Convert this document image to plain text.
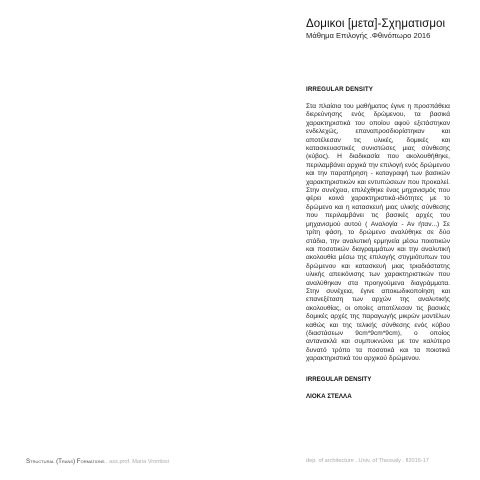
Δομικοι [μετα]-Σχηματισμοι
Μάθημα Επιλογής . Φθινόπωρο 2016
IRREGULAR DENSITY
Στα πλαίσια του μαθήματος έγινε η προσπάθεια διερεύνησης ενός δρώμενου, τα βασικά χαρακτηριστικά του οποίου αφού εξετάστηκαν ενδελεχώς, επαναπροσδιορίστηκαν και αποτέλεσαν τις υλικές, δομικές και κατασκευαστικές συνιστώσες μιας σύνθεσης (κύβος). Η διαδικασία που ακολουθήθηκε, περιλαμβάνει αρχικά την επιλογή ενός δρώμενου και την παρατήρηση - καταγραφή των βασικών χαρακτηριστικών και εντυπώσεων που προκαλεί. Στην συνέχεια, επιλέχθηκε ένας μηχανισμός που φέρει κοινά χαρακτηριστικά-ιδιότητες με το δρώμενο και η κατασκευή μιας υλικής σύνθεσης που περιλαμβάνει τις βασικές αρχές του μηχανισμού αυτού ( Αναλογία - Αν ήταν...) Σε τρίτη φάση, το δρώμενο αναλύθηκε σε δύο στάδια, την αναλυτική ερμηνεία μέσω ποιοτικών και ποσοτικών διαγραμμάτων και την αναλυτική ακολουθία μέσω της επιλογής στιγμιότυπων του δρώμενου και κατασκευή μιας τριαδιάστατης υλικής απεικόνισης των χαρακτηριστικών που αναλύθηκαν στα προηγούμενα διαγράμματα. Στην συνέχεια, έγινε αποκωδικοποίηση και επανεξέταση των αρχών της αναλυτικής ακολουθίας, οι οποίες αποτέλεσαν τις βασικές δομικές αρχές της παραγωγής μικρών μοντέλων καθώς και της τελικής σύνθεσης ενός κύβου (διαστάσεων 9cm*9cm*9cm), ο οποίος αντανακλά και συμπυκνώνει με τον καλύτερο δυνατό τρόπο τα ποσοτικά και τα ποιοτικά χαρακτηριστικά του αρχικού δρώμενου.
IRREGULAR DENSITY
ΛΙΟΚΑ ΣΤΕΛΛΑ
Structural (Trans) Formations . ass.prof. Maria Vrontissi	dep. of architecture . Univ. of Thessaly . fl2016-17
